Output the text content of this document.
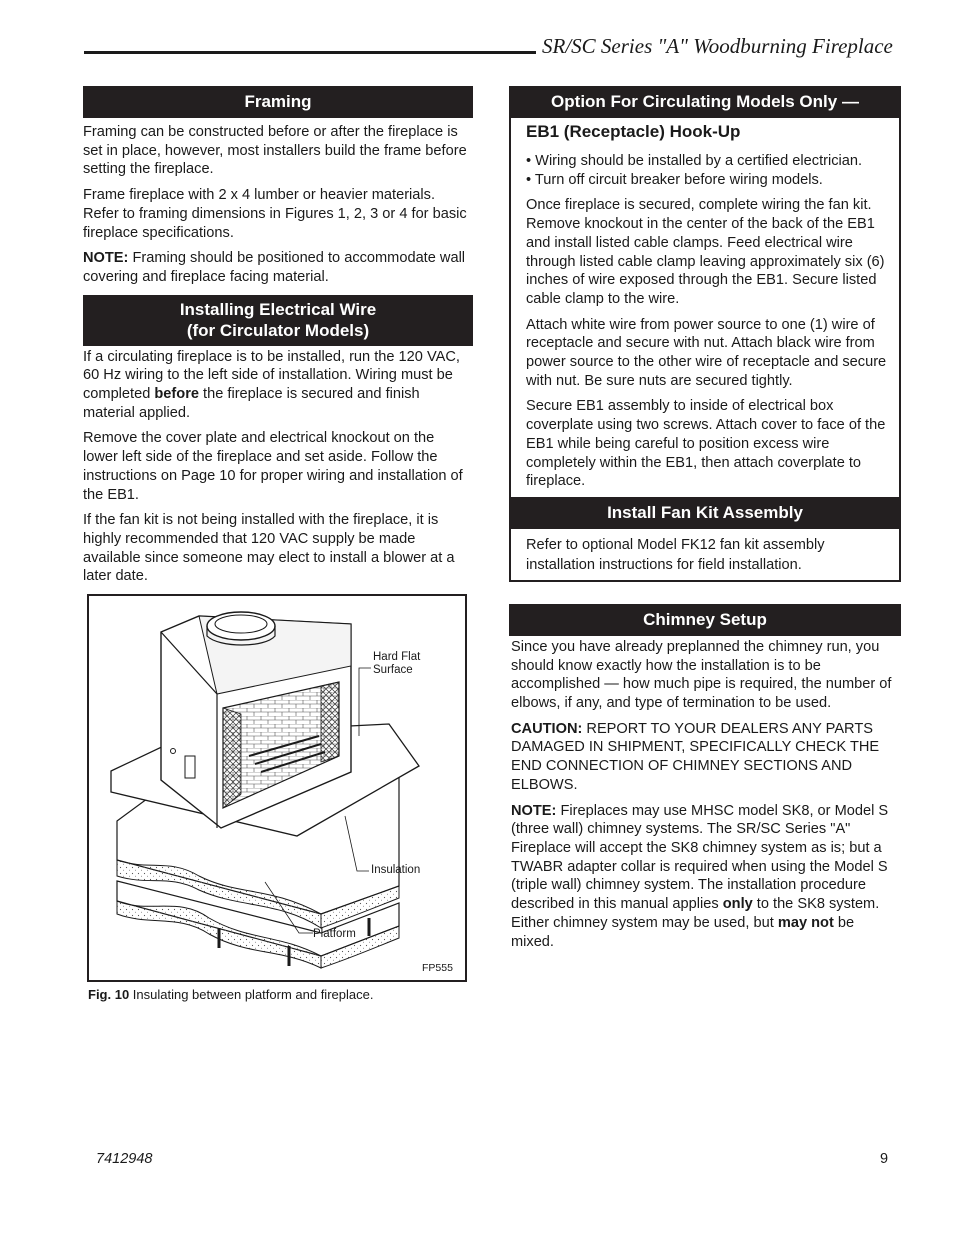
SR/SC Series "A" Woodburning Fireplace
Framing

Framing can be constructed before or after the fireplace is set in place, however, most installers build the frame before setting the fireplace.

Frame fireplace with 2 x 4 lumber or heavier materials. Refer to framing dimensions in Figures 1, 2, 3 or 4 for basic fireplace specifications.

NOTE: Framing should be positioned to accommodate wall covering and fireplace facing material.

Installing Electrical Wire
(for Circulator Models)

If a circulating fireplace is to be installed, run the 120 VAC, 60 Hz wiring to the left side of installation. Wiring must be completed before the fireplace is secured and finish material applied.

Remove the cover plate and electrical knockout on the lower left side of the fireplace and set aside. Follow the instructions on Page 10 for proper wiring and installation of the EB1.

If the fan kit is not being installed with the fireplace, it is highly recommended that 120 VAC supply be made available since someone may elect to install a blower at a later date.

Hard Flat
Surface
Insulation
Platform
FP555
Fig. 10 Insulating between platform and fireplace.
Option For Circulating Models Only —
EB1 (Receptacle) Hook-Up
• Wiring should be installed by a certified electrician.
• Turn off circuit breaker before wiring models.

Once fireplace is secured, complete wiring the fan kit. Remove knockout in the center of the back of the EB1 and install listed cable clamps. Feed electrical wire through listed cable clamp leaving approximately six (6) inches of wire exposed through the EB1. Secure listed cable clamp to the wire.

Attach white wire from power source to one (1) wire of receptacle and secure with nut. Attach black wire from power source to the other wire of receptacle and secure with nut. Be sure nuts are secured tightly.

Secure EB1 assembly to inside of electrical box coverplate using two screws. Attach cover to face of the EB1 while being careful to position excess wire completely within the EB1, then attach coverplate to fireplace.

Install Fan Kit Assembly

Refer to optional Model FK12 fan kit assembly installation instructions for field installation.

Chimney Setup

Since you have already preplanned the chimney run, you should know exactly how the installation is to be accomplished — how much pipe is required, the number of elbows, if any, and type of termination to be used.

CAUTION: REPORT TO YOUR DEALERS ANY PARTS DAMAGED IN SHIPMENT, SPECIFICALLY CHECK THE END CONNECTION OF CHIMNEY SECTIONS AND ELBOWS.

NOTE: Fireplaces may use MHSC model SK8, or Model S (three wall) chimney systems. The SR/SC Series "A" Fireplace will accept the SK8 chimney system as is; but a TWABR adapter collar is required when using the Model S (triple wall) chimney system. The installation procedure described in this manual applies only to the SK8 system. Either chimney system may be used, but may not be mixed.

7412948	9
